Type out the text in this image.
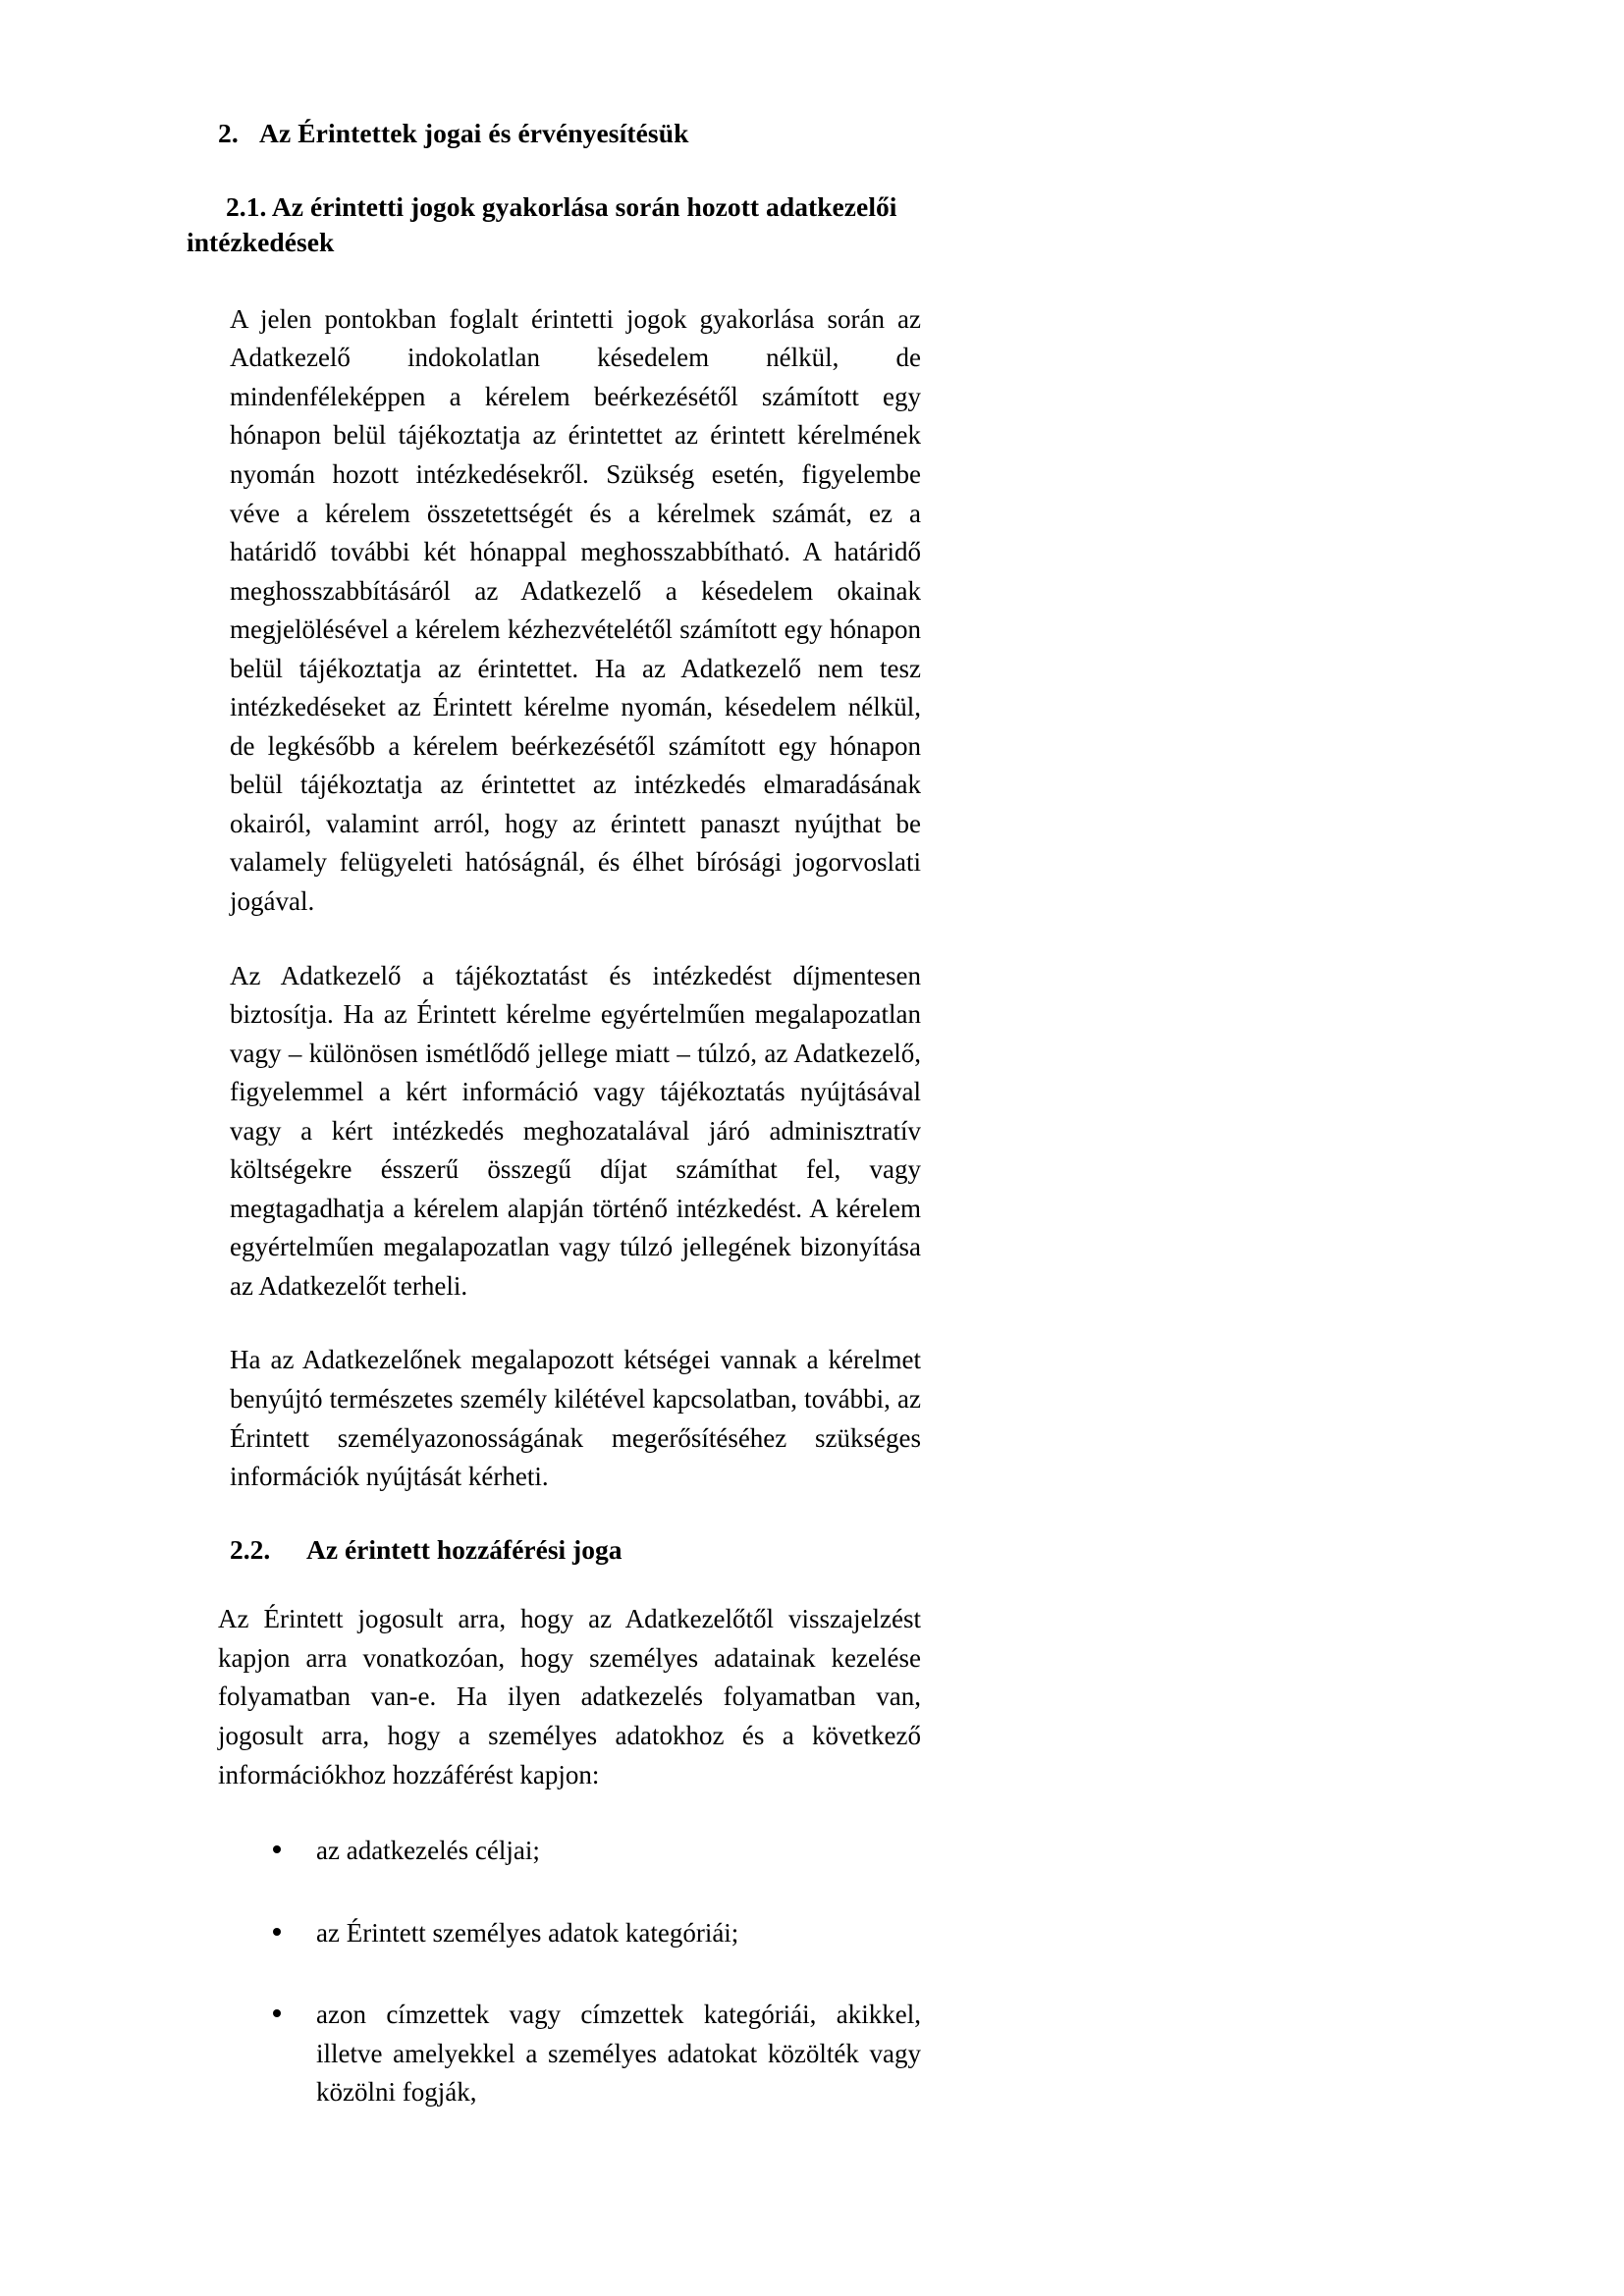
2. Az Érintettek jogai és érvényesítésük
2.1. Az érintetti jogok gyakorlása során hozott adatkezelői intézkedések

A jelen pontokban foglalt érintetti jogok gyakorlása során az Adatkezelő indokolatlan késedelem nélkül, de mindenféleképpen a kérelem beérkezésétől számított egy hónapon belül tájékoztatja az érintettet az érintett kérelmének nyomán hozott intézkedésekről. Szükség esetén, figyelembe véve a kérelem összetettségét és a kérelmek számát, ez a határidő további két hónappal meghosszabbítható. A határidő meghosszabbításáról az Adatkezelő a késedelem okainak megjelölésével a kérelem kézhezvételétől számított egy hónapon belül tájékoztatja az érintettet. Ha az Adatkezelő nem tesz intézkedéseket az Érintett kérelme nyomán, késedelem nélkül, de legkésőbb a kérelem beérkezésétől számított egy hónapon belül tájékoztatja az érintettet az intézkedés elmaradásának okairól, valamint arról, hogy az érintett panaszt nyújthat be valamely felügyeleti hatóságnál, és élhet bírósági jogorvoslati jogával.

Az Adatkezelő a tájékoztatást és intézkedést díjmentesen biztosítja. Ha az Érintett kérelme egyértelműen megalapozatlan vagy – különösen ismétlődő jellege miatt – túlzó, az Adatkezelő, figyelemmel a kért információ vagy tájékoztatás nyújtásával vagy a kért intézkedés meghozatalával járó adminisztratív költségekre ésszerű összegű díjat számíthat fel, vagy megtagadhatja a kérelem alapján történő intézkedést. A kérelem egyértelműen megalapozatlan vagy túlzó jellegének bizonyítása az Adatkezelőt terheli.

Ha az Adatkezelőnek megalapozott kétségei vannak a kérelmet benyújtó természetes személy kilétével kapcsolatban, további, az Érintett személyazonosságának megerősítéséhez szükséges információk nyújtását kérheti.

2.2.	Az érintett hozzáférési joga

Az Érintett jogosult arra, hogy az Adatkezelőtől visszajelzést kapjon arra vonatkozóan, hogy személyes adatainak kezelése folyamatban van-e. Ha ilyen adatkezelés folyamatban van, jogosult arra, hogy a személyes adatokhoz és a következő információkhoz hozzáférést kapjon:

az adatkezelés céljai;
az Érintett személyes adatok kategóriái;
azon címzettek vagy címzettek kategóriái, akikkel, illetve amelyekkel a személyes adatokat közölték vagy közölni fogják,
